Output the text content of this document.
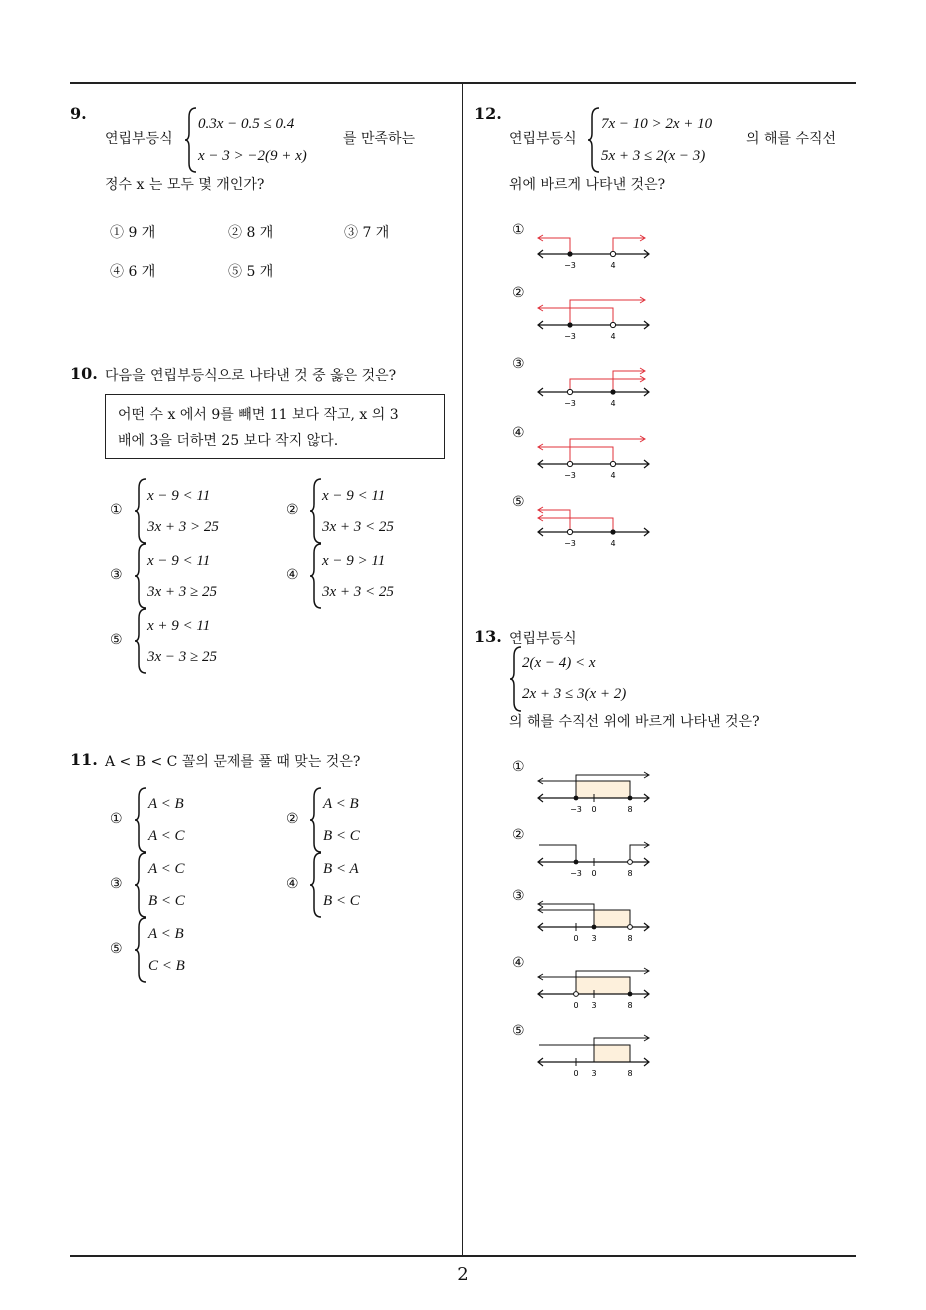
2
9.
연립부등식
0.3x − 0.5 ≤ 0.4
x − 3 > −2(9 + x)
를 만족하는
정수 x 는 모두 몇 개인가?
① 9 개	② 8 개	③ 7 개
④ 6 개	⑤ 5 개
10. 다음을 연립부등식으로 나타낸 것 중 옳은 것은?
어떤 수 x 에서 9를 빼면 11 보다 작고, x 의 3
배에 3을 더하면 25 보다 작지 않다.
①
x − 9 < 11
3x + 3 > 25
②
x − 9 < 11
3x + 3 < 25
③
x − 9 < 11
3x + 3 ≥ 25
④
x − 9 > 11
3x + 3 < 25
⑤
x + 9 < 11
3x − 3 ≥ 25
11. A < B < C 꼴의 문제를 풀 때 맞는 것은?
①
A < B
A < C
②
A < B
B < C
③
A < C
B < C
④
B < A
B < C
⑤
A < B
C < B
12.
연립부등식
7x − 10 > 2x + 10
5x + 3 ≤ 2(x − 3)
의 해를 수직선
위에 바르게 나타낸 것은?
①
−3	4
②
−3	4
③
−3	4
④
−3	4
⑤
−3	4
13. 연립부등식
2(x − 4) < x
2x + 3 ≤ 3(x + 2)
의 해를 수직선 위에 바르게 나타낸 것은?
①
−3 0	8
②
−3 0	8
③
0 3	8
④
0 3	8
⑤
0 3	8
